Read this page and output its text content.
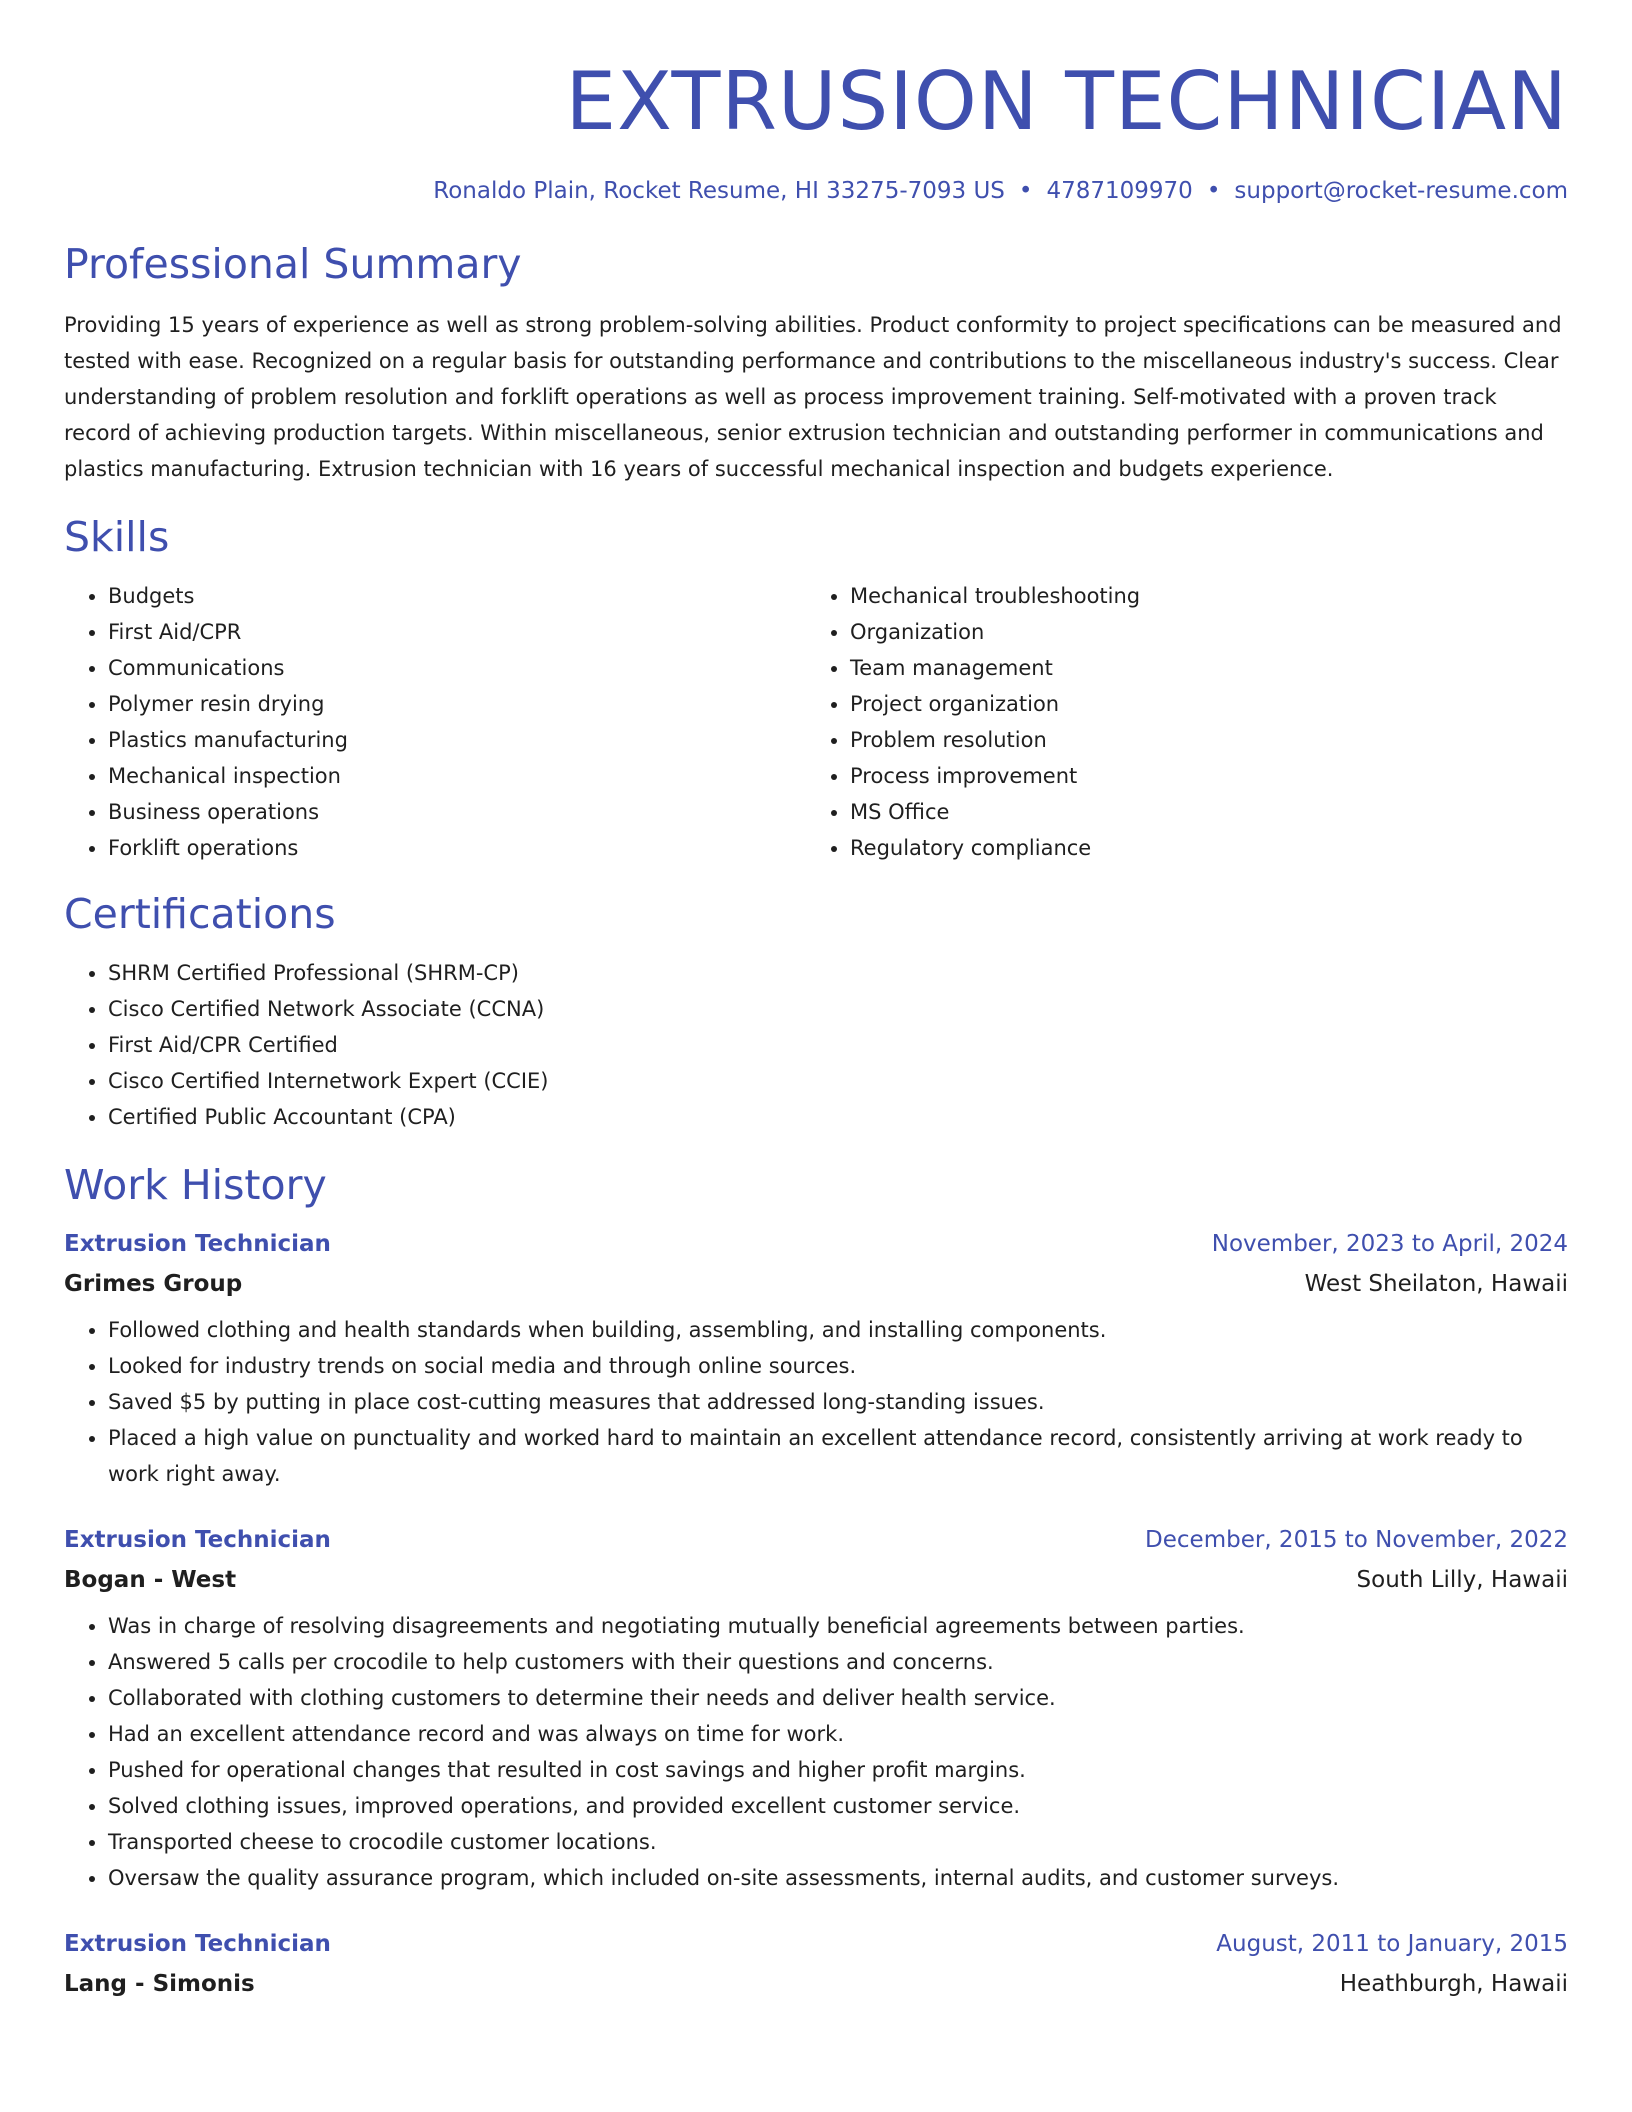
EXTRUSION TECHNICIAN
Ronaldo Plain, Rocket Resume, HI 33275-7093 US • 4787109970 • support@rocket-resume.com
Professional Summary

Providing 15 years of experience as well as strong problem-solving abilities. Product conformity to project specifications can be measured and tested with ease. Recognized on a regular basis for outstanding performance and contributions to the miscellaneous industry's success. Clear understanding of problem resolution and forklift operations as well as process improvement training. Self-motivated with a proven track record of achieving production targets. Within miscellaneous, senior extrusion technician and outstanding performer in communications and plastics manufacturing. Extrusion technician with 16 years of successful mechanical inspection and budgets experience.

Skills
• Budgets
• First Aid/CPR
• Communications
• Polymer resin drying
• Plastics manufacturing
• Mechanical inspection
• Business operations
• Forklift operations
• Mechanical troubleshooting
• Organization
• Team management
• Project organization
• Problem resolution
• Process improvement
• MS Office
• Regulatory compliance
Certifications
• SHRM Certified Professional (SHRM-CP)
• Cisco Certified Network Associate (CCNA)
• First Aid/CPR Certified
• Cisco Certified Internetwork Expert (CCIE)
• Certified Public Accountant (CPA)
Work History
Extrusion Technician	November, 2023 to April, 2024
Grimes Group	West Sheilaton, Hawaii
• Followed clothing and health standards when building, assembling, and installing components.
• Looked for industry trends on social media and through online sources.
• Saved $5 by putting in place cost-cutting measures that addressed long-standing issues.
• Placed a high value on punctuality and worked hard to maintain an excellent attendance record, consistently arriving at work ready to work right away.
Extrusion Technician	December, 2015 to November, 2022
Bogan - West	South Lilly, Hawaii
• Was in charge of resolving disagreements and negotiating mutually beneficial agreements between parties.
• Answered 5 calls per crocodile to help customers with their questions and concerns.
• Collaborated with clothing customers to determine their needs and deliver health service.
• Had an excellent attendance record and was always on time for work.
• Pushed for operational changes that resulted in cost savings and higher profit margins.
• Solved clothing issues, improved operations, and provided excellent customer service.
• Transported cheese to crocodile customer locations.
• Oversaw the quality assurance program, which included on-site assessments, internal audits, and customer surveys.
Extrusion Technician	August, 2011 to January, 2015
Lang - Simonis	Heathburgh, Hawaii
